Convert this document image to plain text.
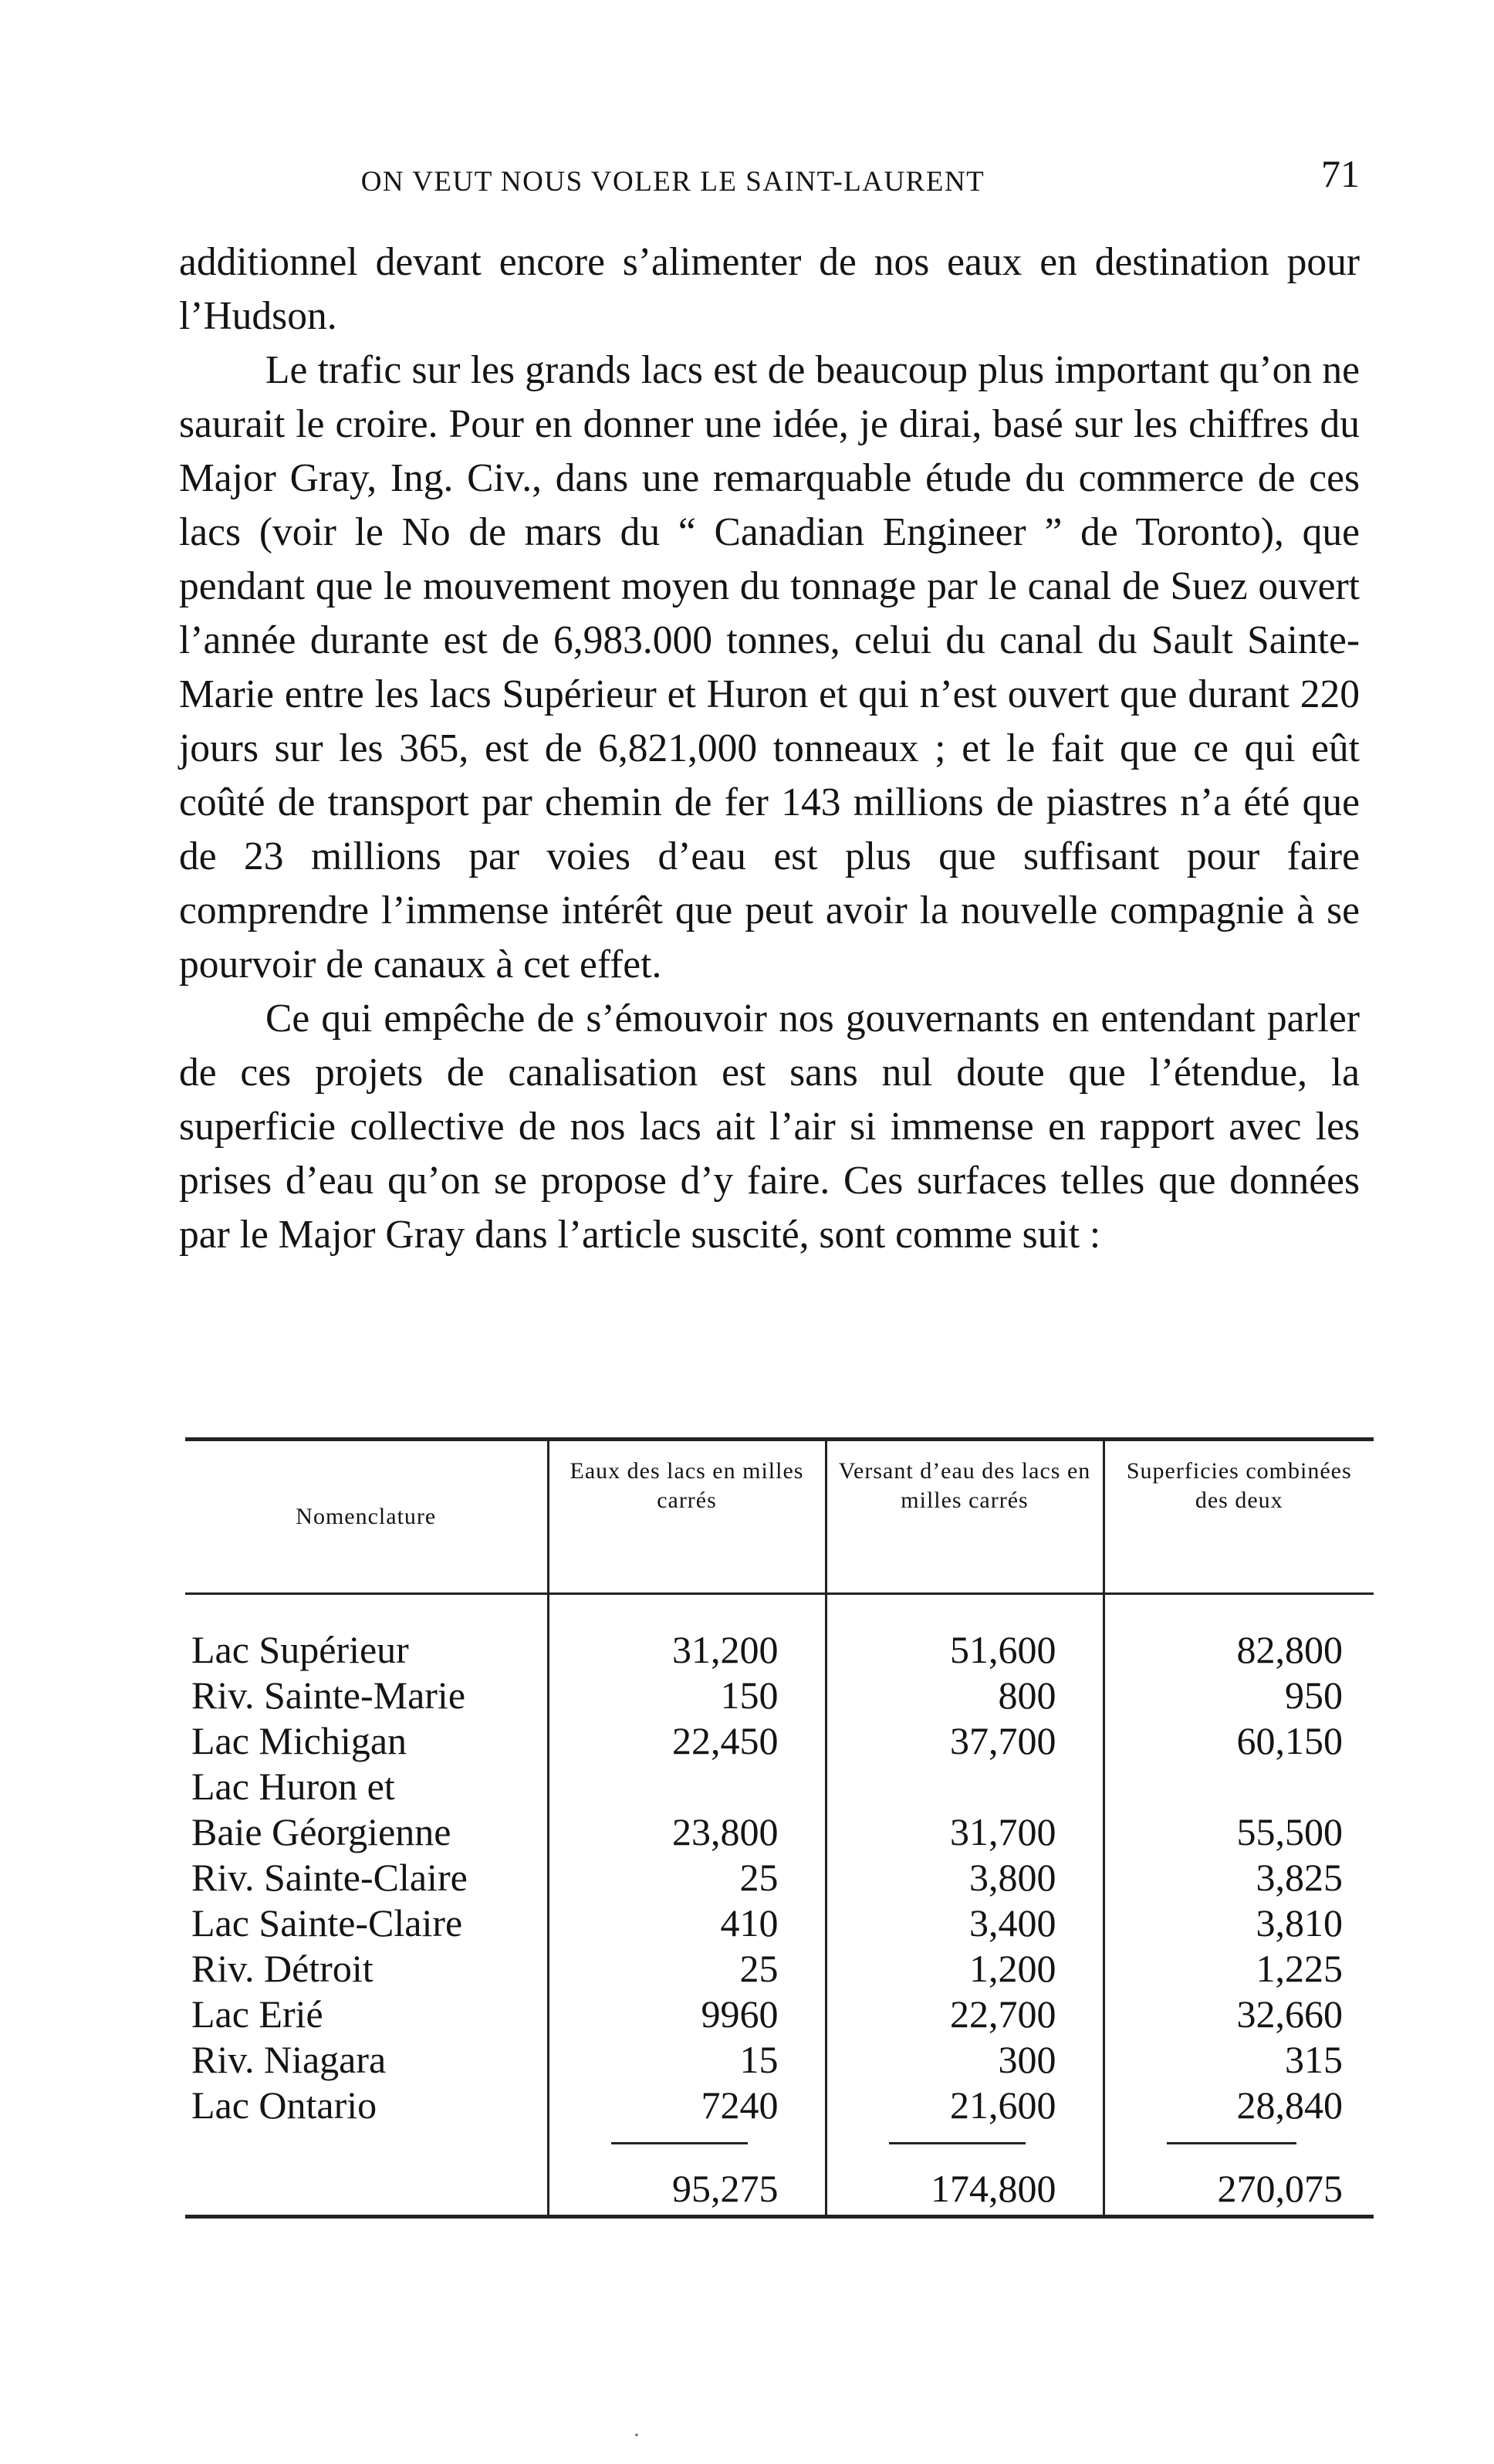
ON VEUT NOUS VOLER LE SAINT-LAURENT	71

additionnel devant encore s’alimenter de nos eaux en destination pour l’Hudson.

Le trafic sur les grands lacs est de beaucoup plus important qu’on ne saurait le croire. Pour en donner une idée, je dirai, basé sur les chiffres du Major Gray, Ing. Civ., dans une remarquable étude du commerce de ces lacs (voir le No de mars du “ Canadian Engineer ” de Toronto), que pendant que le mouvement moyen du tonnage par le canal de Suez ouvert l’année durante est de 6,983.000 tonnes, celui du canal du Sault Sainte-Marie entre les lacs Supérieur et Huron et qui n’est ouvert que durant 220 jours sur les 365, est de 6,821,000 tonneaux ; et le fait que ce qui eût coûté de transport par chemin de fer 143 millions de piastres n’a été que de 23 millions par voies d’eau est plus que suffisant pour faire comprendre l’immense intérêt que peut avoir la nouvelle compagnie à se pourvoir de canaux à cet effet.

Ce qui empêche de s’émouvoir nos gouvernants en entendant parler de ces projets de canalisation est sans nul doute que l’étendue, la superficie collective de nos lacs ait l’air si immense en rapport avec les prises d’eau qu’on se propose d’y faire. Ces surfaces telles que données par le Major Gray dans l’article suscité, sont comme suit :

Nomenclature	Eaux des lacs en milles carrés	Versant d’eau des lacs en milles carrés	Superficies combinées des deux

Lac Supérieur	31,200	51,600	82,800
Riv. Sainte-Marie	150	800	950
Lac Michigan	22,450	37,700	60,150
Lac Huron et			
Baie Géorgienne	23,800	31,700	55,500
Riv. Sainte-Claire	25	3,800	3,825
Lac Sainte-Claire	410	3,400	3,810
Riv. Détroit	25	1,200	1,225
Lac Erié	9960	22,700	32,660
Riv. Niagara	15	300	315
Lac Ontario	7240	21,600	28,840

	95,275	174,800	270,075

·
